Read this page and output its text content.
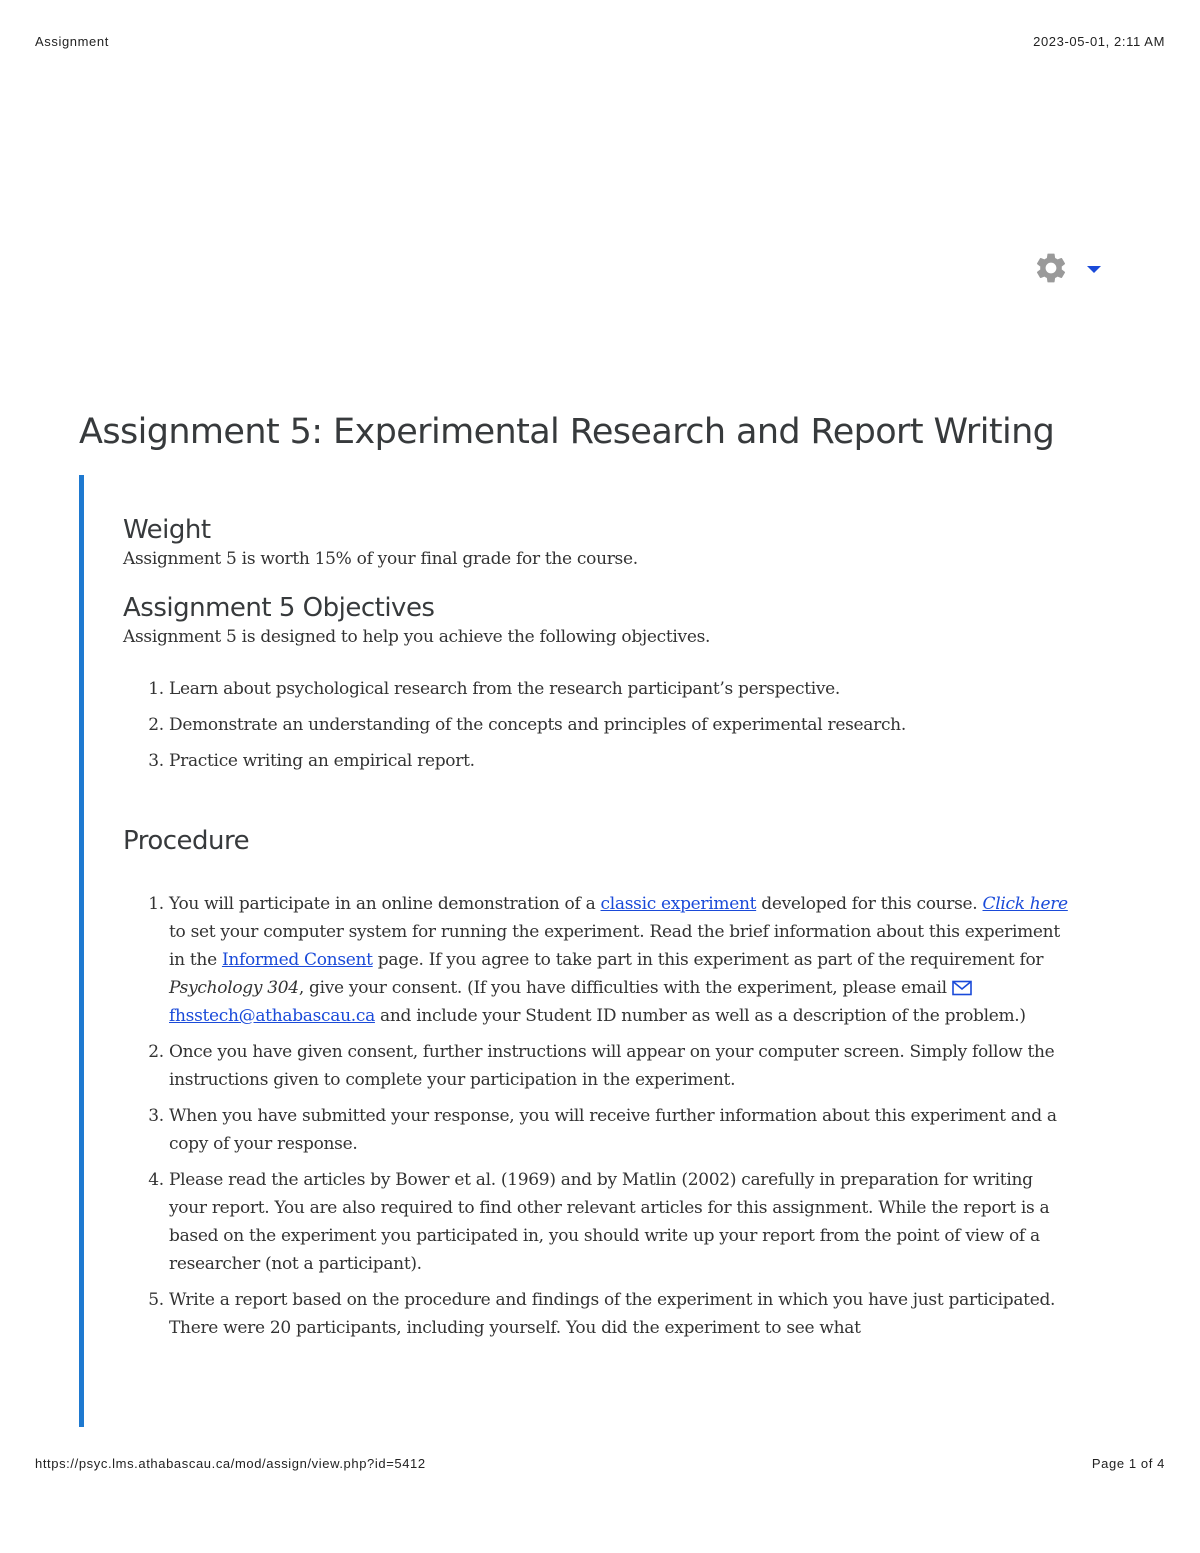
Assignment	2023-05-01, 2:11 AM
Assignment 5: Experimental Research and Report Writing
Weight

Assignment 5 is worth 15% of your final grade for the course.

Assignment 5 Objectives

Assignment 5 is designed to help you achieve the following objectives.

1. Learn about psychological research from the research participant’s perspective.
2. Demonstrate an understanding of the concepts and principles of experimental research.
3. Practice writing an empirical report.
Procedure
1. You will participate in an online demonstration of a classic experiment developed for this course. Click here to set your computer system for running the experiment. Read the brief information about this experiment in the Informed Consent page. If you agree to take part in this experiment as part of the requirement for Psychology 304, give your consent. (If you have difficulties with the experiment, please email fhsstech@athabascau.ca and include your Student ID number as well as a description of the problem.)
2. Once you have given consent, further instructions will appear on your computer screen. Simply follow the instructions given to complete your participation in the experiment.
3. When you have submitted your response, you will receive further information about this experiment and a copy of your response.
4. Please read the articles by Bower et al. (1969) and by Matlin (2002) carefully in preparation for writing your report. You are also required to find other relevant articles for this assignment. While the report is a based on the experiment you participated in, you should write up your report from the point of view of a researcher (not a participant).
5. Write a report based on the procedure and findings of the experiment in which you have just participated. There were 20 participants, including yourself. You did the experiment to see what
https://psyc.lms.athabascau.ca/mod/assign/view.php?id=5412	Page 1 of 4
